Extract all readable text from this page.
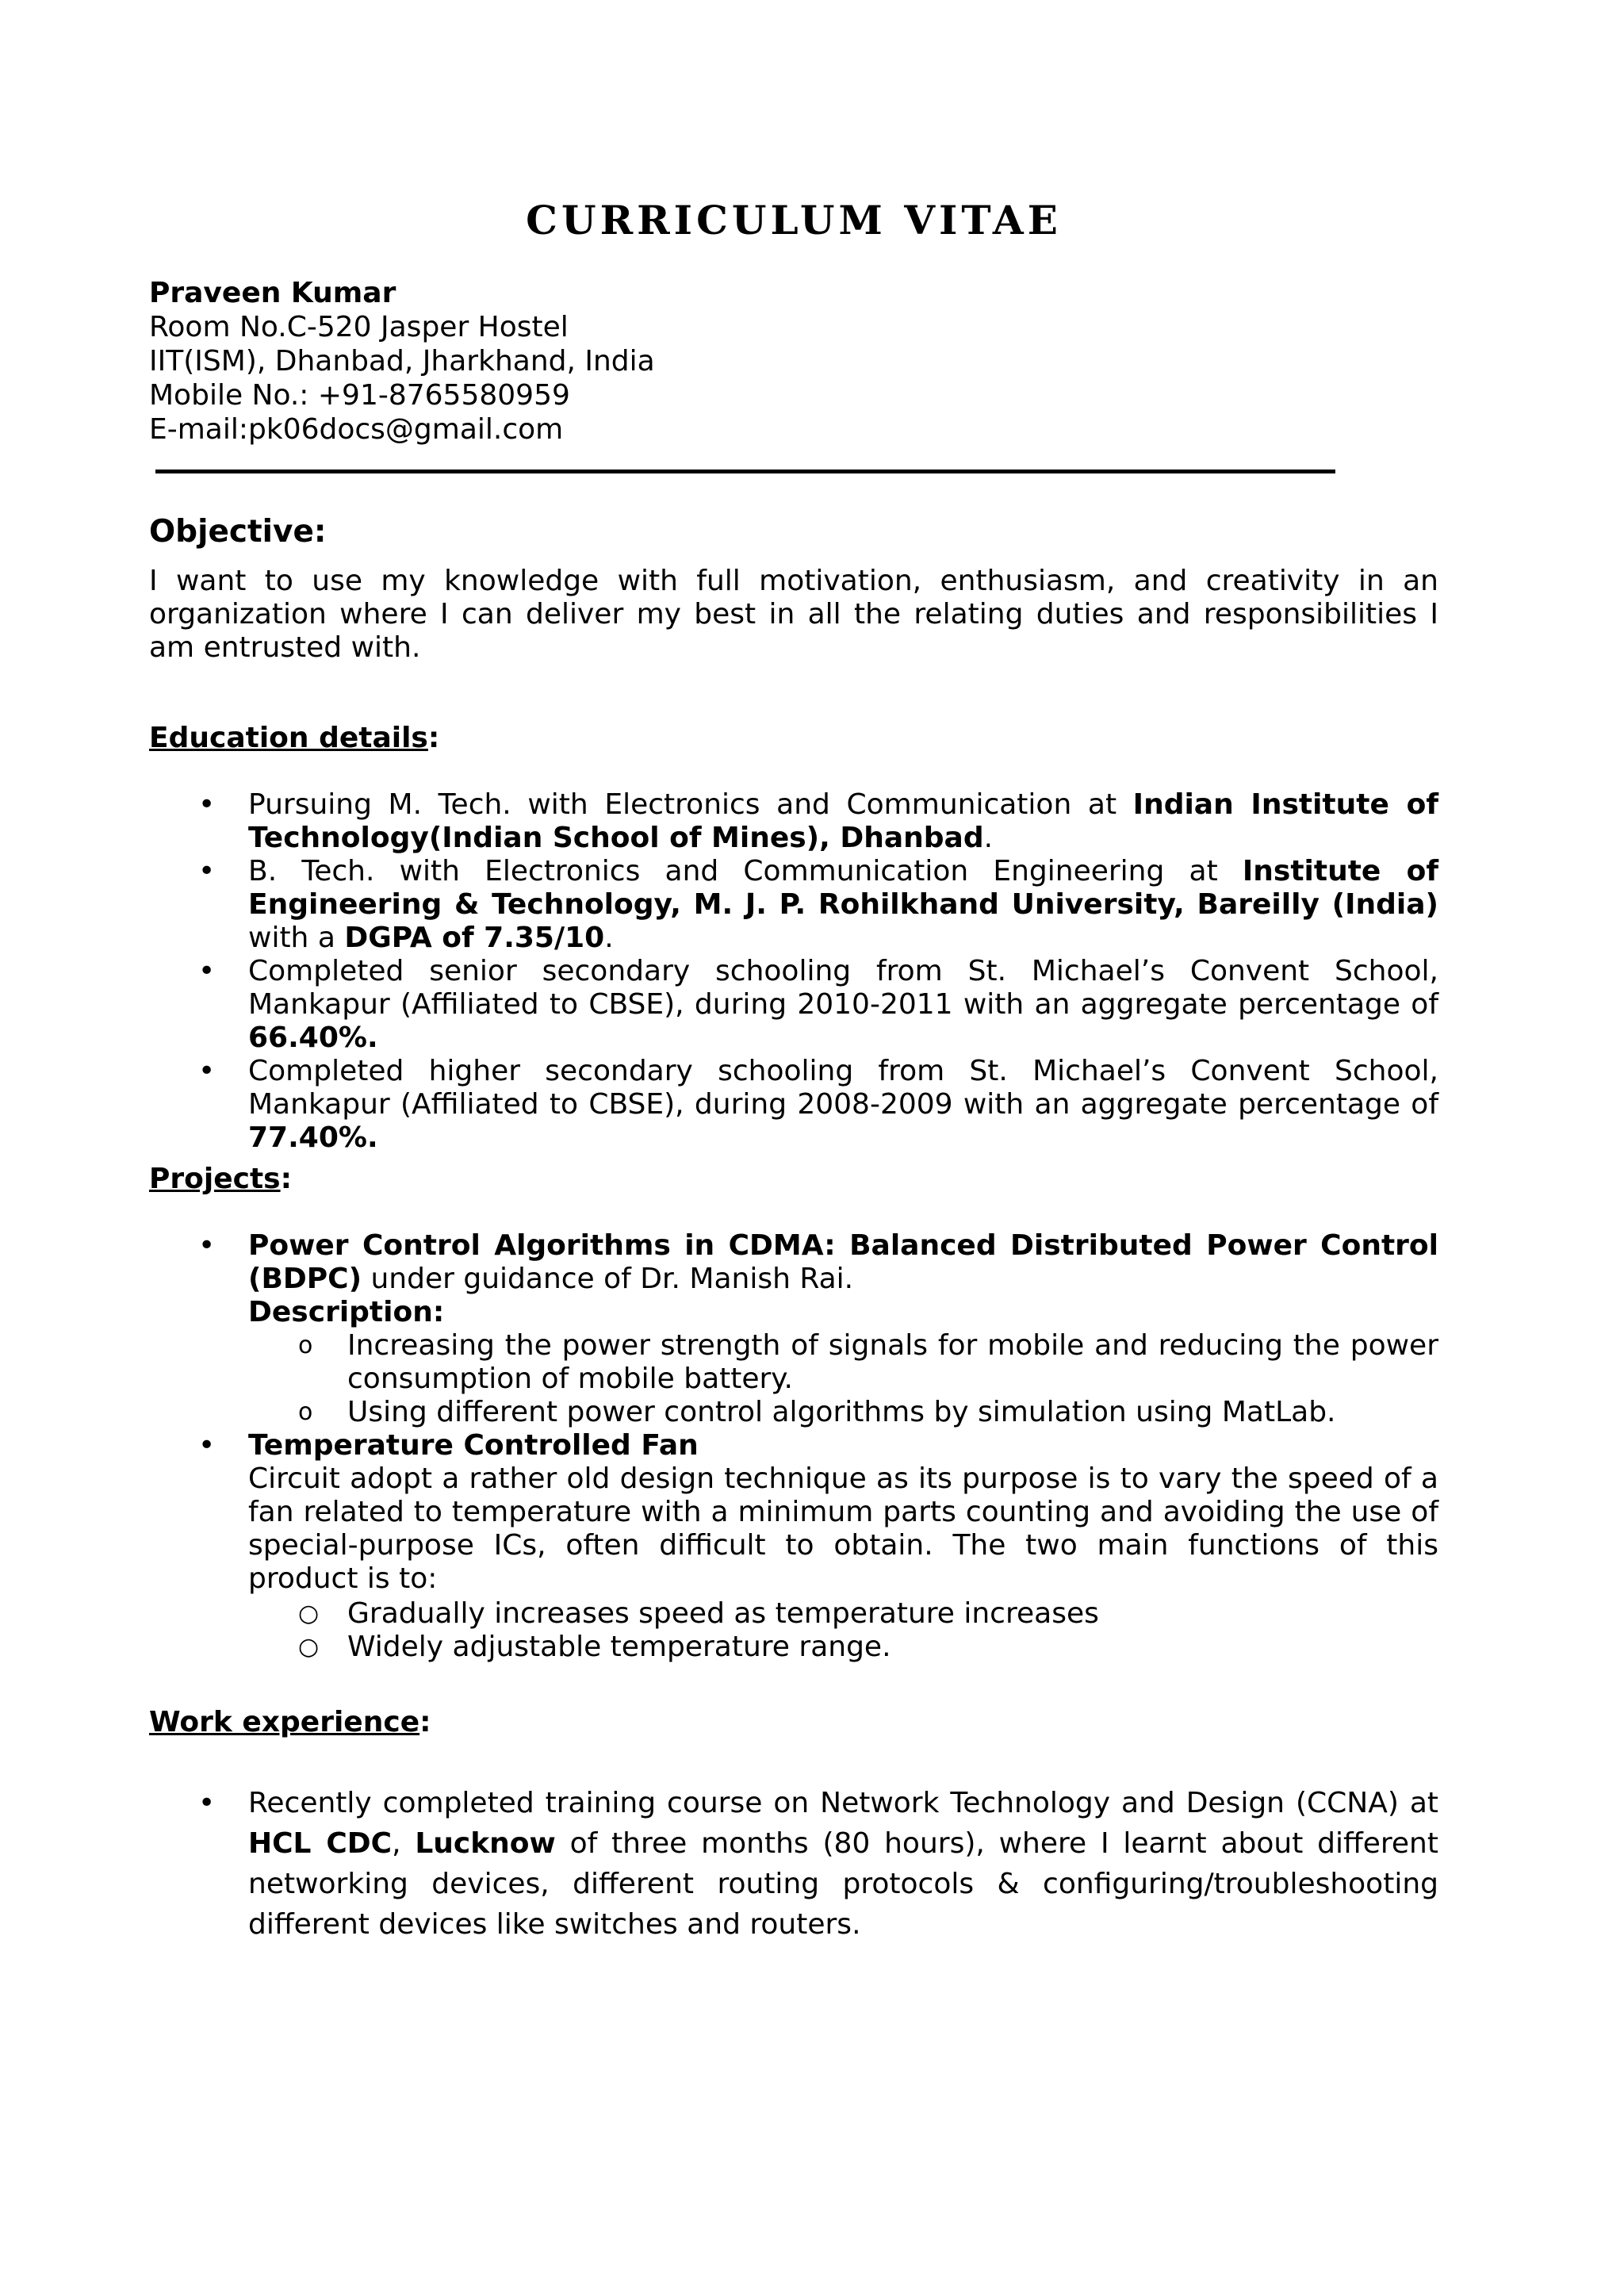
CURRICULUM VITAE
Praveen Kumar
Room No.C-520 Jasper Hostel
IIT(ISM), Dhanbad, Jharkhand, India
Mobile No.: +91-8765580959
E-mail:pk06docs@gmail.com

Objective:

I want to use my knowledge with full motivation, enthusiasm, and creativity in an organization where I can deliver my best in all the relating duties and responsibilities I am entrusted with.

Education details:

• Pursuing M. Tech. with Electronics and Communication at Indian Institute of Technology(Indian School of Mines), Dhanbad.
• B. Tech. with Electronics and Communication Engineering at Institute of Engineering & Technology, M. J. P. Rohilkhand University, Bareilly (India) with a DGPA of 7.35/10.
• Completed senior secondary schooling from St. Michael’s Convent School, Mankapur (Affiliated to CBSE), during 2010-2011 with an aggregate percentage of 66.40%.
• Completed higher secondary schooling from St. Michael’s Convent School, Mankapur (Affiliated to CBSE), during 2008-2009 with an aggregate percentage of 77.40%.

Projects:

• Power Control Algorithms in CDMA: Balanced Distributed Power Control (BDPC) under guidance of Dr. Manish Rai.
Description:
o Increasing the power strength of signals for mobile and reducing the power consumption of mobile battery.
o Using different power control algorithms by simulation using MatLab.
• Temperature Controlled Fan
Circuit adopt a rather old design technique as its purpose is to vary the speed of a fan related to temperature with a minimum parts counting and avoiding the use of special-purpose ICs, often difficult to obtain. The two main functions of this product is to:
○ Gradually increases speed as temperature increases
○ Widely adjustable temperature range.

Work experience:

• Recently completed training course on Network Technology and Design (CCNA) at HCL CDC, Lucknow of three months (80 hours), where I learnt about different networking devices, different routing protocols & configuring/troubleshooting different devices like switches and routers.
